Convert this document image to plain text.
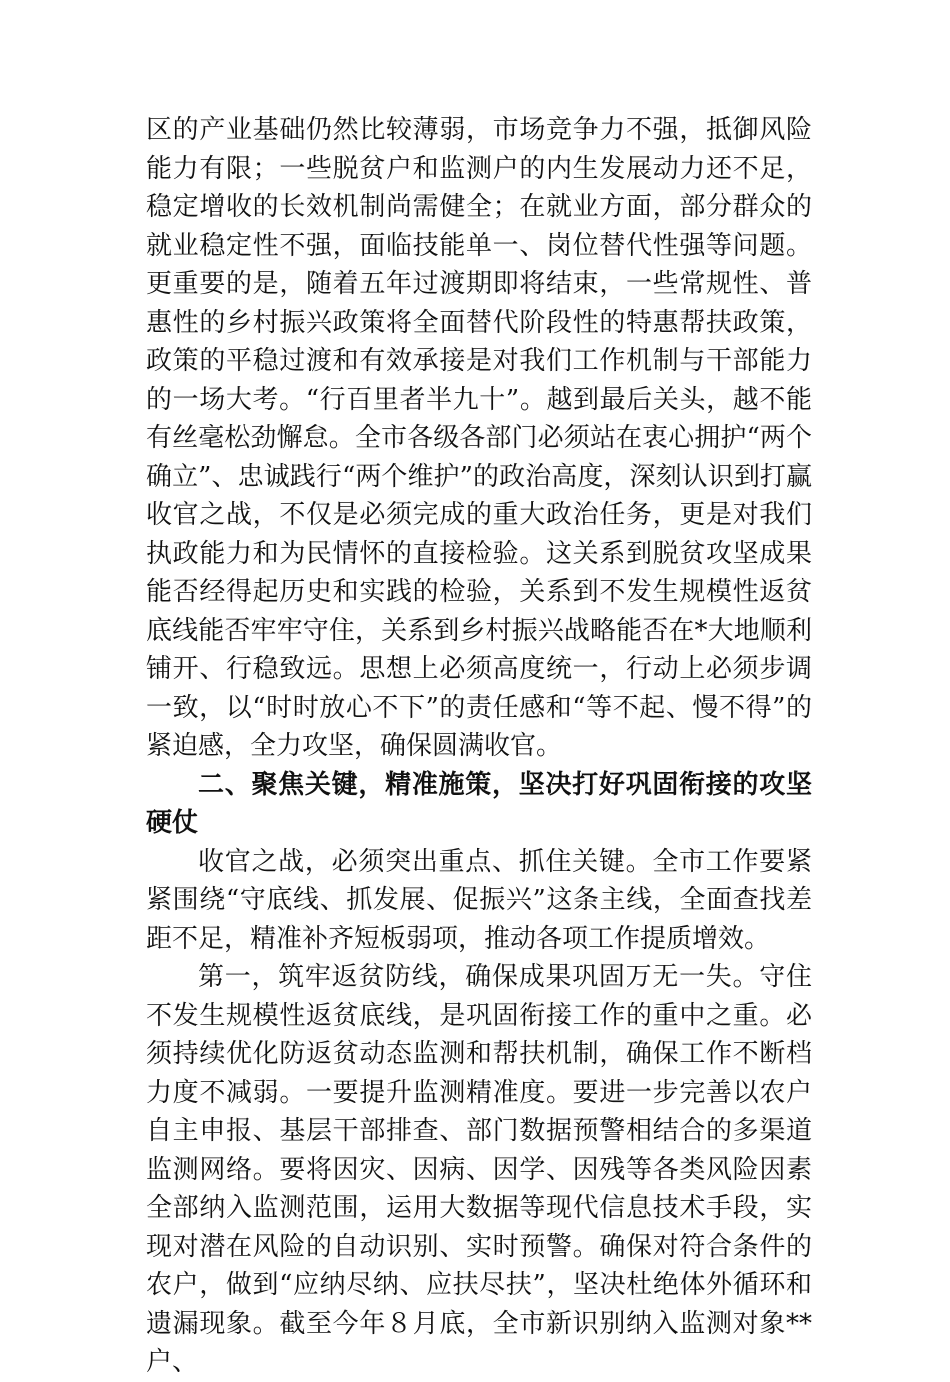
区的产业基础仍然比较薄弱，市场竞争力不强，抵御风险能力有限；一些脱贫户和监测户的内生发展动力还不足，稳定增收的长效机制尚需健全；在就业方面，部分群众的就业稳定性不强，面临技能单一、岗位替代性强等问题。更重要的是，随着五年过渡期即将结束，一些常规性、普惠性的乡村振兴政策将全面替代阶段性的特惠帮扶政策，政策的平稳过渡和有效承接是对我们工作机制与干部能力的一场大考。“行百里者半九十”。越到最后关头，越不能有丝毫松劲懈怠。全市各级各部门必须站在衷心拥护“两个确立”、忠诚践行“两个维护”的政治高度，深刻认识到打赢收官之战，不仅是必须完成的重大政治任务，更是对我们执政能力和为民情怀的直接检验。这关系到脱贫攻坚成果能否经得起历史和实践的检验，关系到不发生规模性返贫底线能否牢牢守住，关系到乡村振兴战略能否在*大地顺利铺开、行稳致远。思想上必须高度统一，行动上必须步调一致，以“时时放心不下”的责任感和“等不起、慢不得”的紧迫感，全力攻坚，确保圆满收官。

二、聚焦关键，精准施策，坚决打好巩固衔接的攻坚硬仗

收官之战，必须突出重点、抓住关键。全市工作要紧紧围绕“守底线、抓发展、促振兴”这条主线，全面查找差距不足，精准补齐短板弱项，推动各项工作提质增效。

第一，筑牢返贫防线，确保成果巩固万无一失。守住不发生规模性返贫底线，是巩固衔接工作的重中之重。必须持续优化防返贫动态监测和帮扶机制，确保工作不断档力度不减弱。一要提升监测精准度。要进一步完善以农户自主申报、基层干部排查、部门数据预警相结合的多渠道监测网络。要将因灾、因病、因学、因残等各类风险因素全部纳入监测范围，运用大数据等现代信息技术手段，实现对潜在风险的自动识别、实时预警。确保对符合条件的农户，做到“应纳尽纳、应扶尽扶”，坚决杜绝体外循环和遗漏现象。截至今年８月底，全市新识别纳入监测对象**户、
